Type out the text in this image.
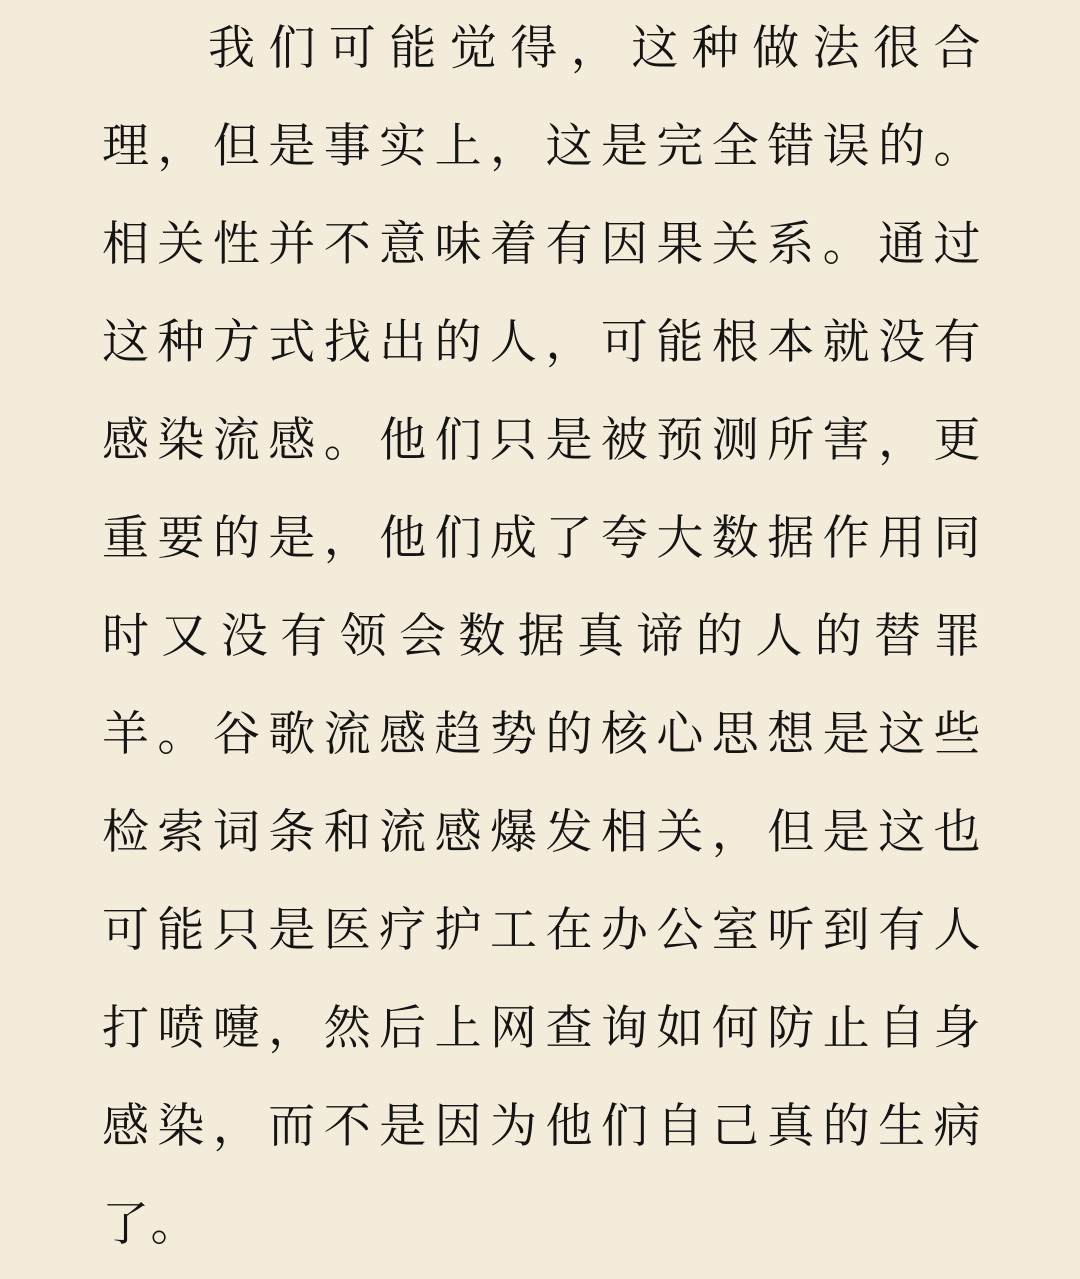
我们可能觉得，这种做法很合
理，但是事实上，这是完全错误的。
相关性并不意味着有因果关系。通过
这种方式找出的人，可能根本就没有
感染流感。他们只是被预测所害，更
重要的是，他们成了夸大数据作用同
时又没有领会数据真谛的人的替罪
羊。谷歌流感趋势的核心思想是这些
检索词条和流感爆发相关，但是这也
可能只是医疗护工在办公室听到有人
打喷嚏，然后上网查询如何防止自身
感染，而不是因为他们自己真的生病
了。
